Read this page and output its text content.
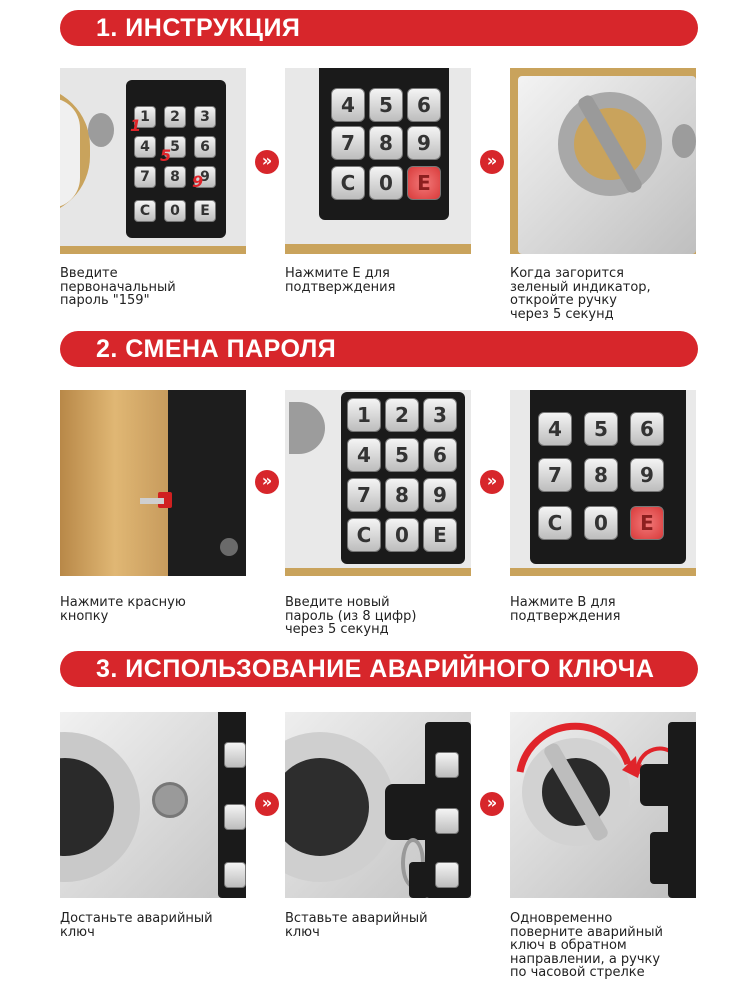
1. ИНСТРУКЦИЯ
1	2	3
4	5	6
7	8	9
C	0	E
1
5
9
Введите
первоначальный
пароль "159"
»
4	5	6
7	8	9
C	0	E
Нажмите Е для
подтверждения
»
Когда загорится
зеленый индикатор,
откройте ручку
через 5 секунд
2. СМЕНА ПАРОЛЯ
Нажмите красную
кнопку
»
1	2	3
4	5	6
7	8	9
C	0	E
Введите новый
пароль (из 8 цифр)
через 5 секунд
»
4	5	6
7	8	9
C	0	E
Нажмите В для
подтверждения
3. ИСПОЛЬЗОВАНИЕ АВАРИЙНОГО КЛЮЧА
Достаньте аварийный
ключ
»
Вставьте аварийный
ключ
»
Одновременно
поверните аварийный
ключ в обратном
направлении, а ручку
по часовой стрелке
